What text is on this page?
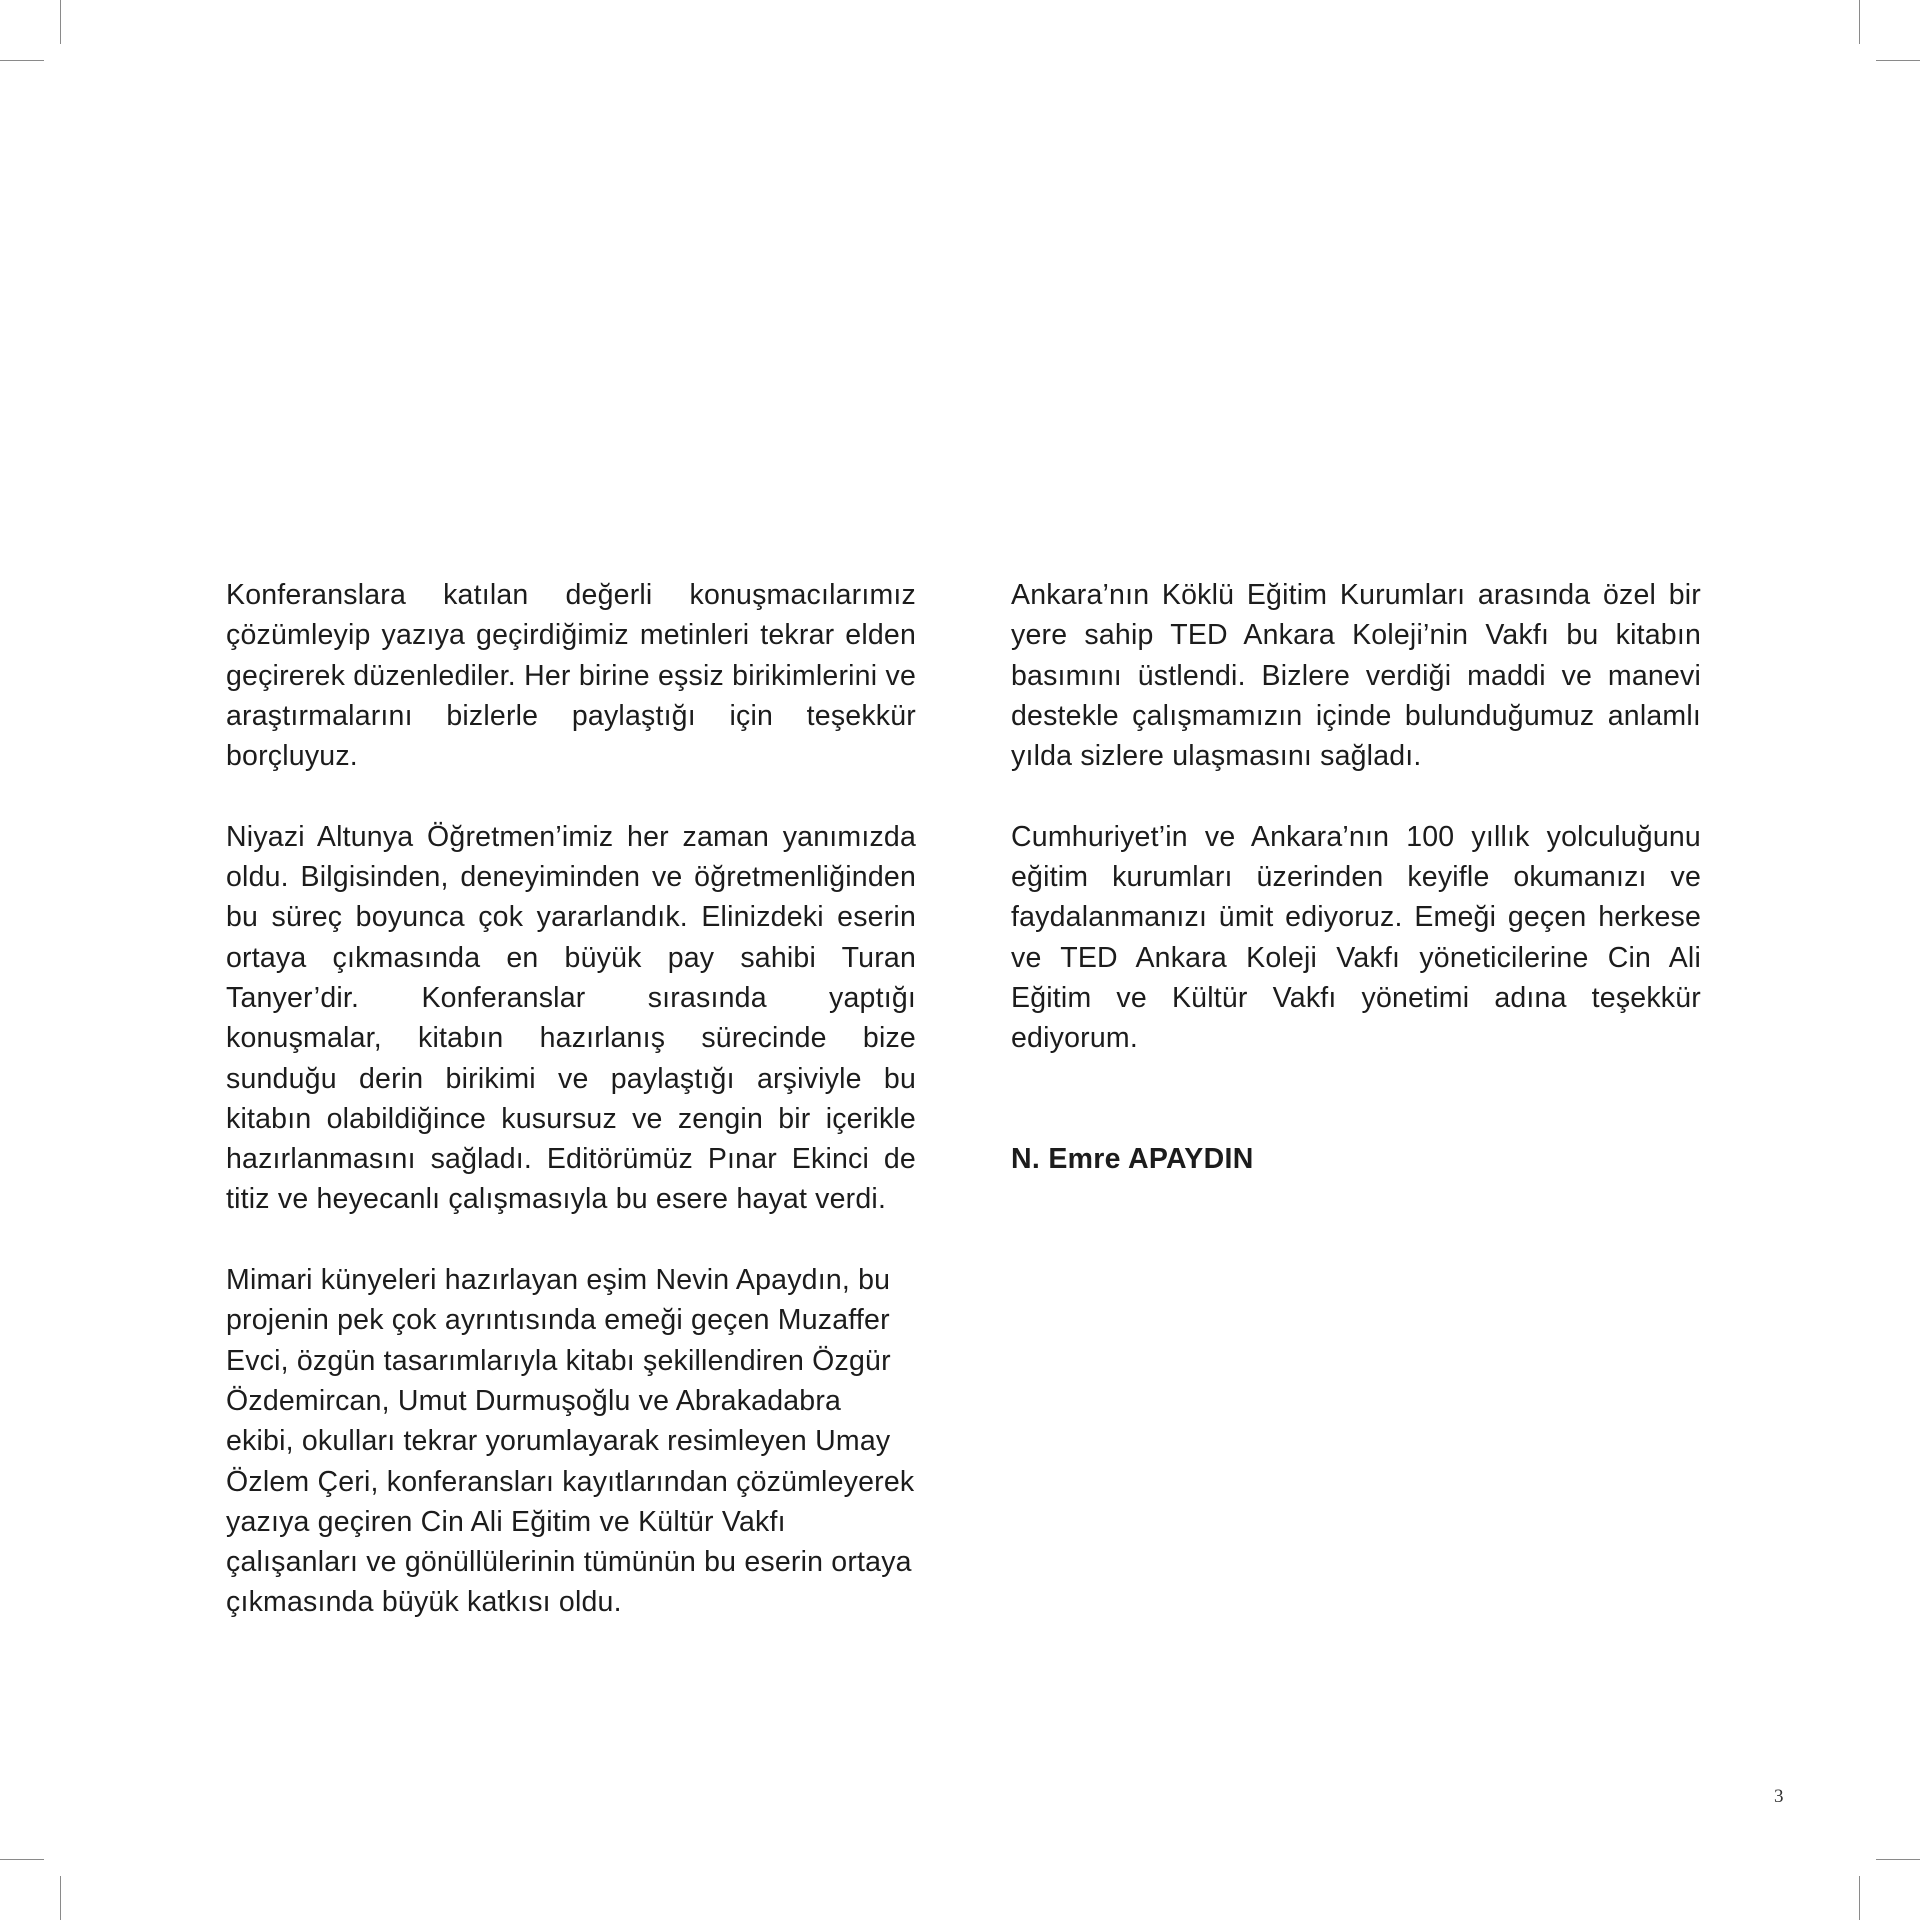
Konferanslara katılan değerli konuşmacılarımız çözümleyip yazıya geçirdiğimiz metinleri tekrar elden geçirerek düzenlediler. Her birine eşsiz birikimlerini ve araştırmalarını bizlerle paylaştığı için teşekkür borçluyuz.

Niyazi Altunya Öğretmen’imiz her zaman yanımızda oldu. Bilgisinden, deneyiminden ve öğretmenliğinden bu süreç boyunca çok yararlandık. Elinizdeki eserin ortaya çıkmasında en büyük pay sahibi Turan Tanyer’dir. Konferanslar sırasında yaptığı konuşmalar, kitabın hazırlanış sürecinde bize sunduğu derin birikimi ve paylaştığı arşiviyle bu kitabın olabildiğince kusursuz ve zengin bir içerikle hazırlanmasını sağladı. Editörümüz Pınar Ekinci de titiz ve heyecanlı çalışmasıyla bu esere hayat verdi.

Mimari künyeleri hazırlayan eşim Nevin Apaydın, bu projenin pek çok ayrıntısında emeği geçen Muzaffer Evci, özgün tasarımlarıyla kitabı şekillendiren Özgür Özdemircan, Umut Durmuşoğlu ve Abrakadabra ekibi, okulları tekrar yorumlayarak resimleyen Umay Özlem Çeri, konferansları kayıtlarından çözümleyerek yazıya geçiren Cin Ali Eğitim ve Kültür Vakfı çalışanları ve gönüllülerinin tümünün bu eserin ortaya çıkmasında büyük katkısı oldu.

Ankara’nın Köklü Eğitim Kurumları arasında özel bir yere sahip TED Ankara Koleji’nin Vakfı bu kitabın basımını üstlendi. Bizlere verdiği maddi ve manevi destekle çalışmamızın içinde bulunduğumuz anlamlı yılda sizlere ulaşmasını sağladı.

Cumhuriyet’in ve Ankara’nın 100 yıllık yolculuğunu eğitim kurumları üzerinden keyifle okumanızı ve faydalanmanızı ümit ediyoruz. Emeği geçen herkese ve TED Ankara Koleji Vakfı yöneticilerine Cin Ali Eğitim ve Kültür Vakfı yönetimi adına teşekkür ediyorum.

N. Emre APAYDIN
3
